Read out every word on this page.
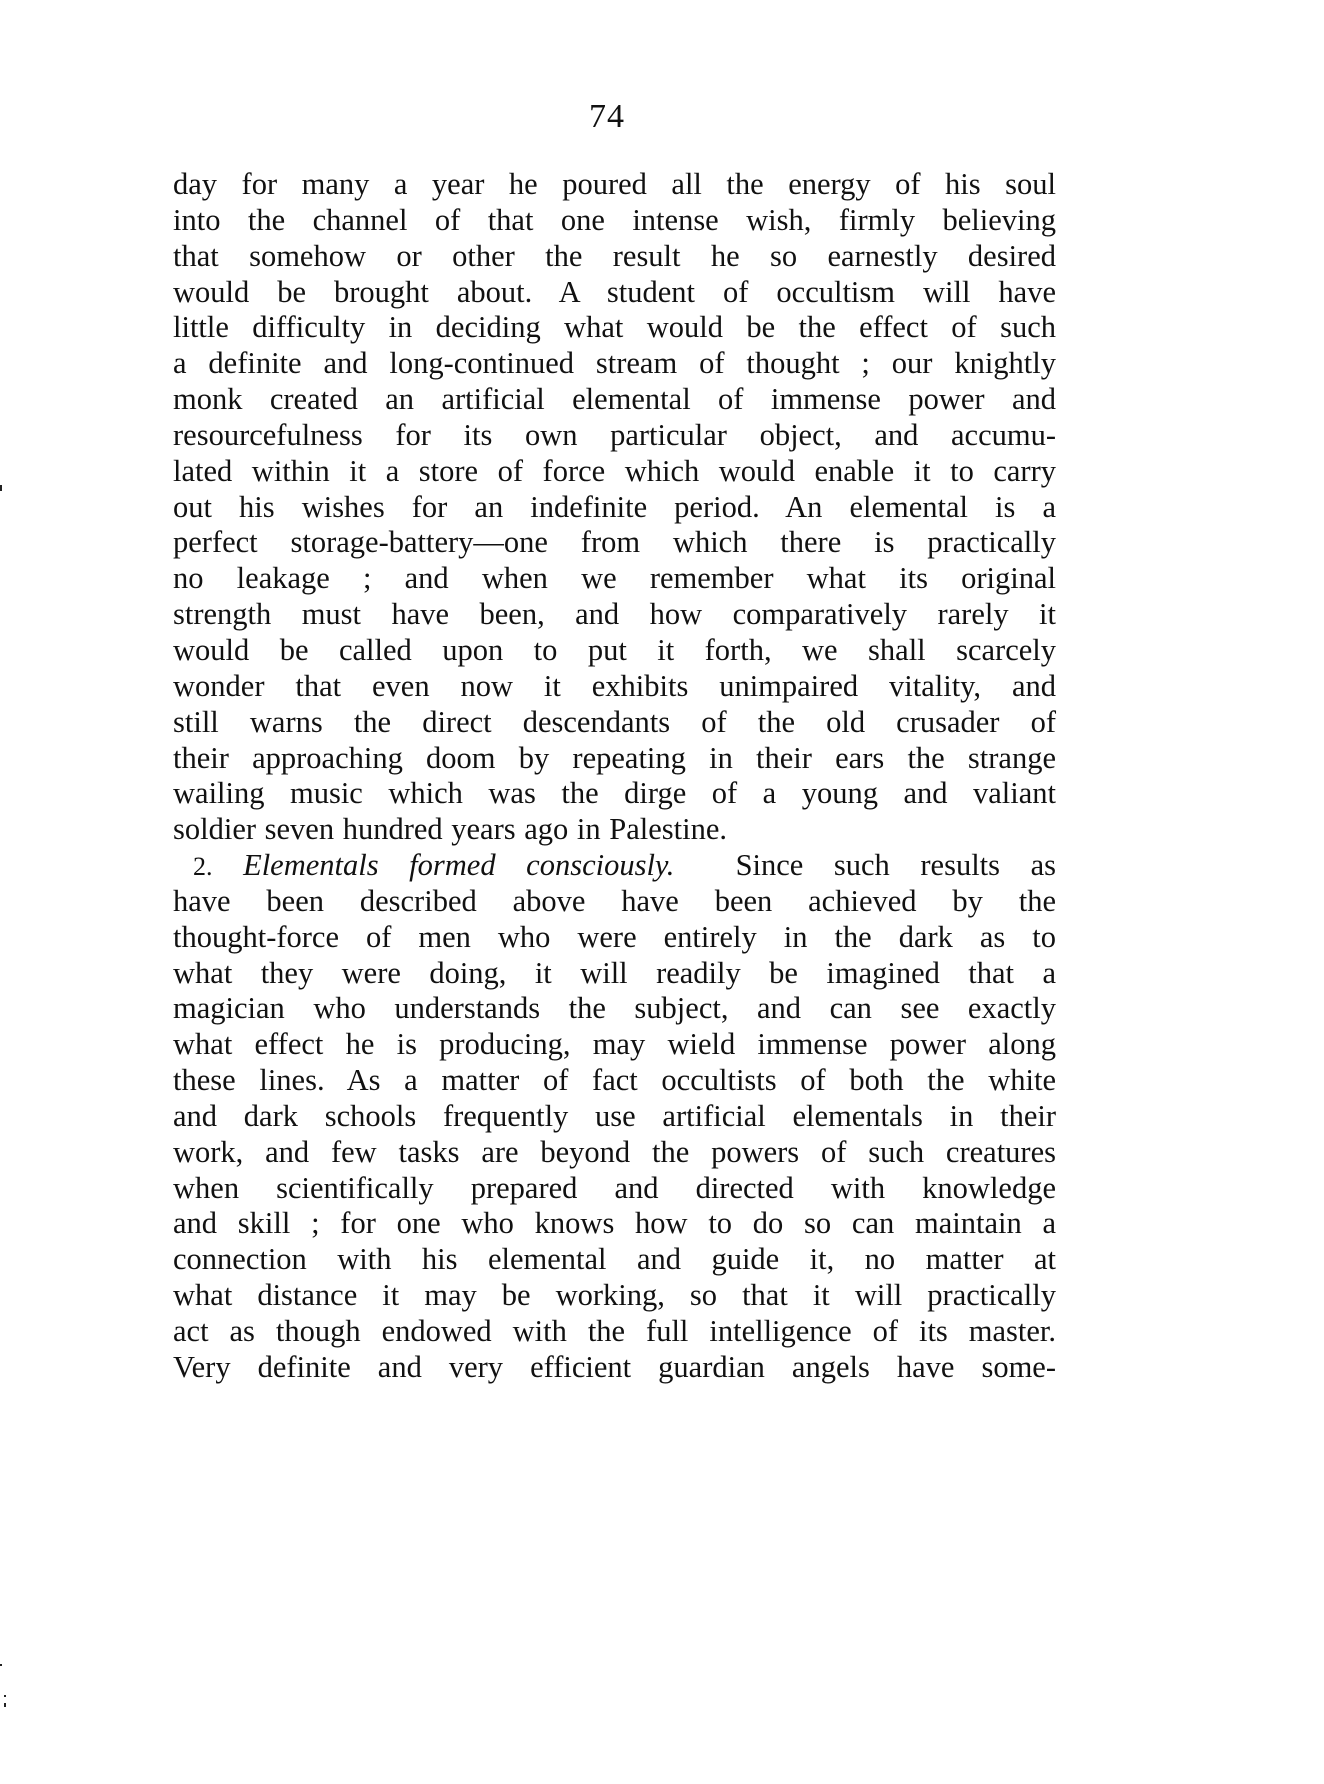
74
day for many a year he poured all the energy of his soul
into the channel of that one intense wish, firmly believing
that somehow or other the result he so earnestly desired
would be brought about. A student of occultism will have
little difficulty in deciding what would be the effect of such
a definite and long-continued stream of thought ; our knightly
monk created an artificial elemental of immense power and
resourcefulness for its own particular object, and accumu-
lated within it a store of force which would enable it to carry
out his wishes for an indefinite period. An elemental is a
perfect storage-battery—one from which there is practically
no leakage ; and when we remember what its original
strength must have been, and how comparatively rarely it
would be called upon to put it forth, we shall scarcely
wonder that even now it exhibits unimpaired vitality, and
still warns the direct descendants of the old crusader of
their approaching doom by repeating in their ears the strange
wailing music which was the dirge of a young and valiant
soldier seven hundred years ago in Palestine.
2. Elementals formed consciously. Since such results as
have been described above have been achieved by the
thought-force of men who were entirely in the dark as to
what they were doing, it will readily be imagined that a
magician who understands the subject, and can see exactly
what effect he is producing, may wield immense power along
these lines. As a matter of fact occultists of both the white
and dark schools frequently use artificial elementals in their
work, and few tasks are beyond the powers of such creatures
when scientifically prepared and directed with knowledge
and skill ; for one who knows how to do so can maintain a
connection with his elemental and guide it, no matter at
what distance it may be working, so that it will practically
act as though endowed with the full intelligence of its master.
Very definite and very efficient guardian angels have some-
